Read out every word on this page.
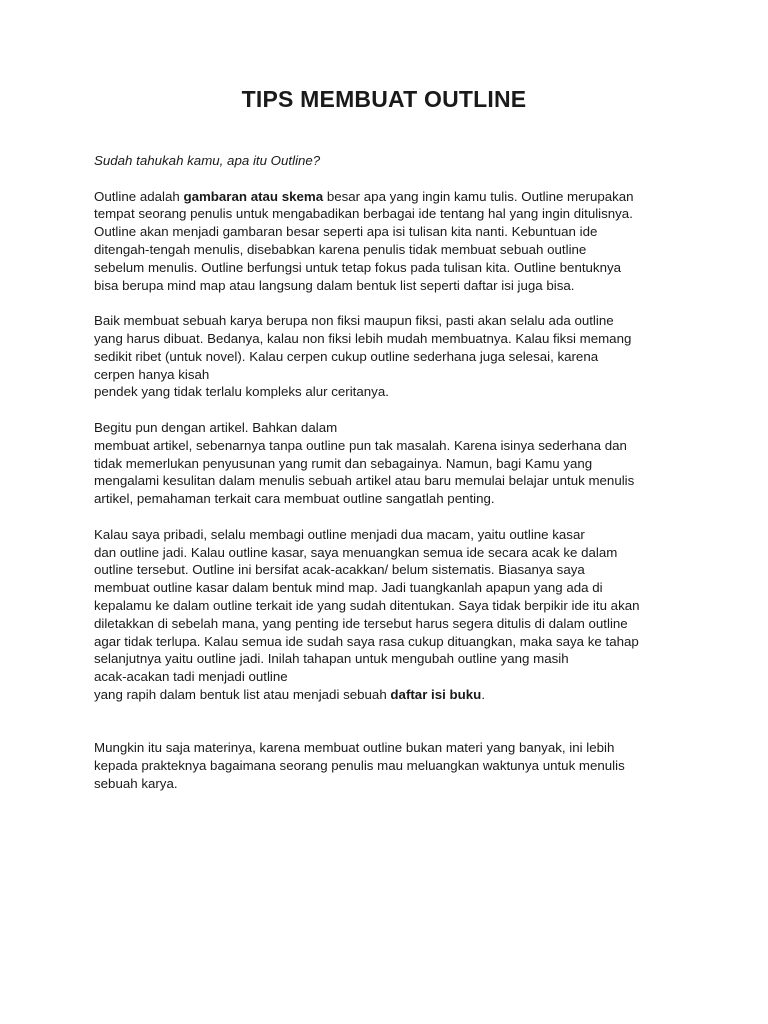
TIPS MEMBUAT OUTLINE
Sudah tahukah kamu, apa itu Outline?
Outline adalah gambaran atau skema besar apa yang ingin kamu tulis. Outline merupakan
tempat seorang penulis untuk mengabadikan berbagai ide tentang hal yang ingin ditulisnya.
Outline akan menjadi gambaran besar seperti apa isi tulisan kita nanti. Kebuntuan ide
ditengah-tengah menulis, disebabkan karena penulis tidak membuat sebuah outline
sebelum menulis. Outline berfungsi untuk tetap fokus pada tulisan kita. Outline bentuknya
bisa berupa mind map atau langsung dalam bentuk list seperti daftar isi juga bisa.
Baik membuat sebuah karya berupa non fiksi maupun fiksi, pasti akan selalu ada outline
yang harus dibuat. Bedanya, kalau non fiksi lebih mudah membuatnya. Kalau fiksi memang
sedikit ribet (untuk novel). Kalau cerpen cukup outline sederhana juga selesai, karena
cerpen hanya kisah
pendek yang tidak terlalu kompleks alur ceritanya.
Begitu pun dengan artikel. Bahkan dalam
membuat artikel, sebenarnya tanpa outline pun tak masalah. Karena isinya sederhana dan
tidak memerlukan penyusunan yang rumit dan sebagainya. Namun, bagi Kamu yang
mengalami kesulitan dalam menulis sebuah artikel atau baru memulai belajar untuk menulis
artikel, pemahaman terkait cara membuat outline sangatlah penting.
Kalau saya pribadi, selalu membagi outline menjadi dua macam, yaitu outline kasar
dan outline jadi. Kalau outline kasar, saya menuangkan semua ide secara acak ke dalam
outline tersebut. Outline ini bersifat acak-acakkan/ belum sistematis. Biasanya saya
membuat outline kasar dalam bentuk mind map. Jadi tuangkanlah apapun yang ada di
kepalamu ke dalam outline terkait ide yang sudah ditentukan. Saya tidak berpikir ide itu akan
diletakkan di sebelah mana, yang penting ide tersebut harus segera ditulis di dalam outline
agar tidak terlupa. Kalau semua ide sudah saya rasa cukup dituangkan, maka saya ke tahap
selanjutnya yaitu outline jadi. Inilah tahapan untuk mengubah outline yang masih
acak-acakan tadi menjadi outline
yang rapih dalam bentuk list atau menjadi sebuah daftar isi buku.
Mungkin itu saja materinya, karena membuat outline bukan materi yang banyak, ini lebih
kepada prakteknya bagaimana seorang penulis mau meluangkan waktunya untuk menulis
sebuah karya.
